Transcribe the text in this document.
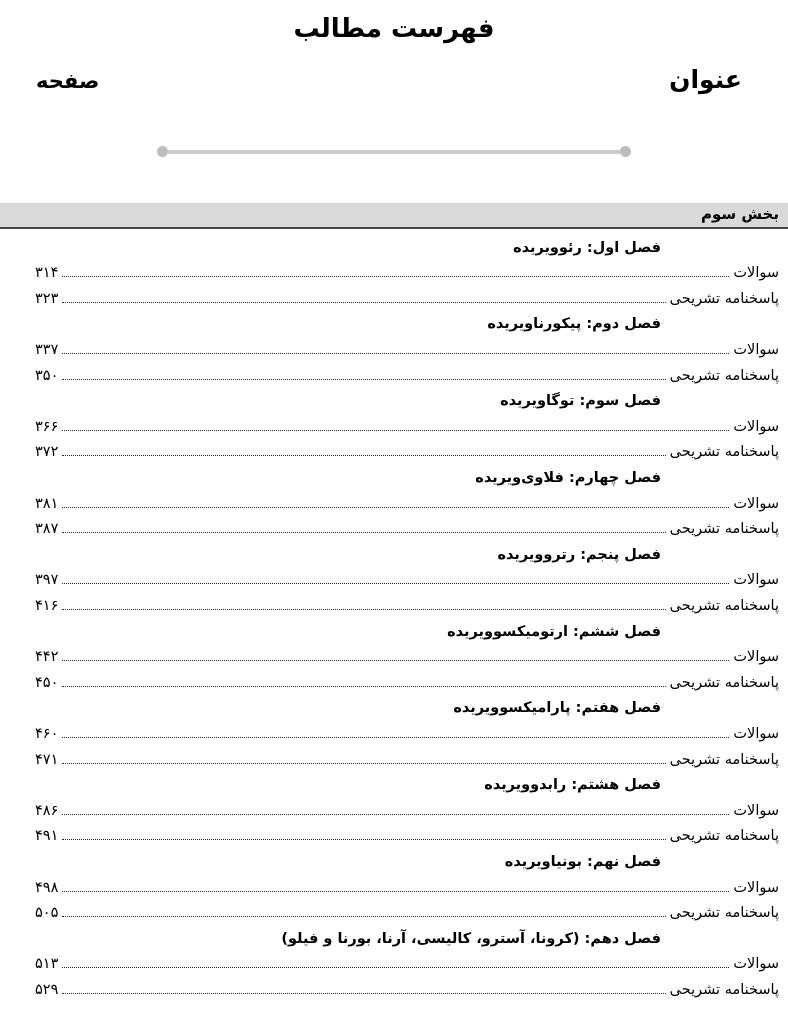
فهرست مطالب
عنوان
صفحه
بخش سوم
فصل اول: رئوویریده
سوالات
۳۱۴
پاسخنامه تشریحی
۳۲۳
فصل دوم: پیکورناویریده
سوالات
۳۳۷
پاسخنامه تشریحی
۳۵۰
فصل سوم: توگاویریده
سوالات
۳۶۶
پاسخنامه تشریحی
۳۷۲
فصل چهارم: فلاوی‌ویریده
سوالات
۳۸۱
پاسخنامه تشریحی
۳۸۷
فصل پنجم: رتروویریده
سوالات
۳۹۷
پاسخنامه تشریحی
۴۱۶
فصل ششم: ارتومیکسوویریده
سوالات
۴۴۲
پاسخنامه تشریحی
۴۵۰
فصل هفتم: پارامیکسوویریده
سوالات
۴۶۰
پاسخنامه تشریحی
۴۷۱
فصل هشتم: رابدوویریده
سوالات
۴۸۶
پاسخنامه تشریحی
۴۹۱
فصل نهم: بونیاویریده
سوالات
۴۹۸
پاسخنامه تشریحی
۵۰۵
فصل دهم: (کرونا، آسترو، کالیسی، آرنا، بورنا و فیلو)
سوالات
۵۱۳
پاسخنامه تشریحی
۵۲۹
